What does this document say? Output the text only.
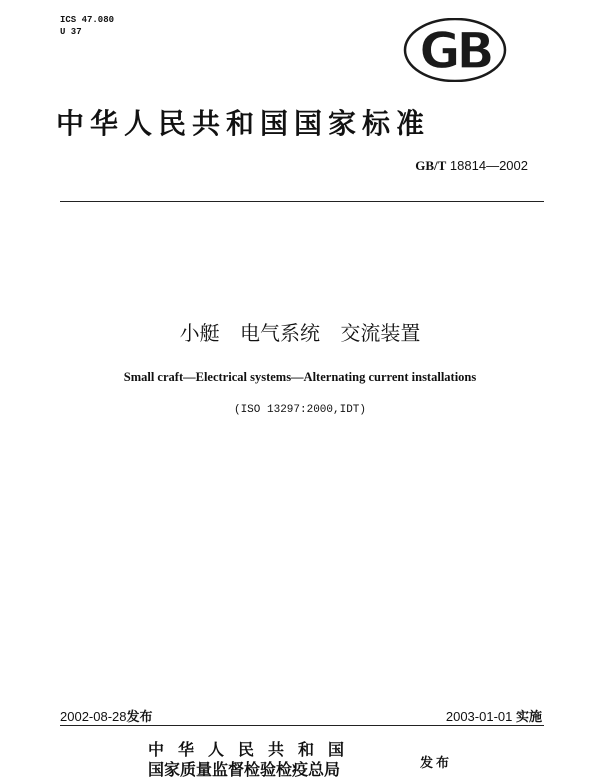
ICS 47.080
U 37	GB
中华人民共和国国家标准
GB/T 18814—2002
小艇 电气系统 交流装置
Small craft—Electrical systems—Alternating current installations
(ISO 13297:2000,IDT)
2002-08-28发布	2003-01-01 实施
中华人民共和国
国家质量监督检验检疫总局	发布
